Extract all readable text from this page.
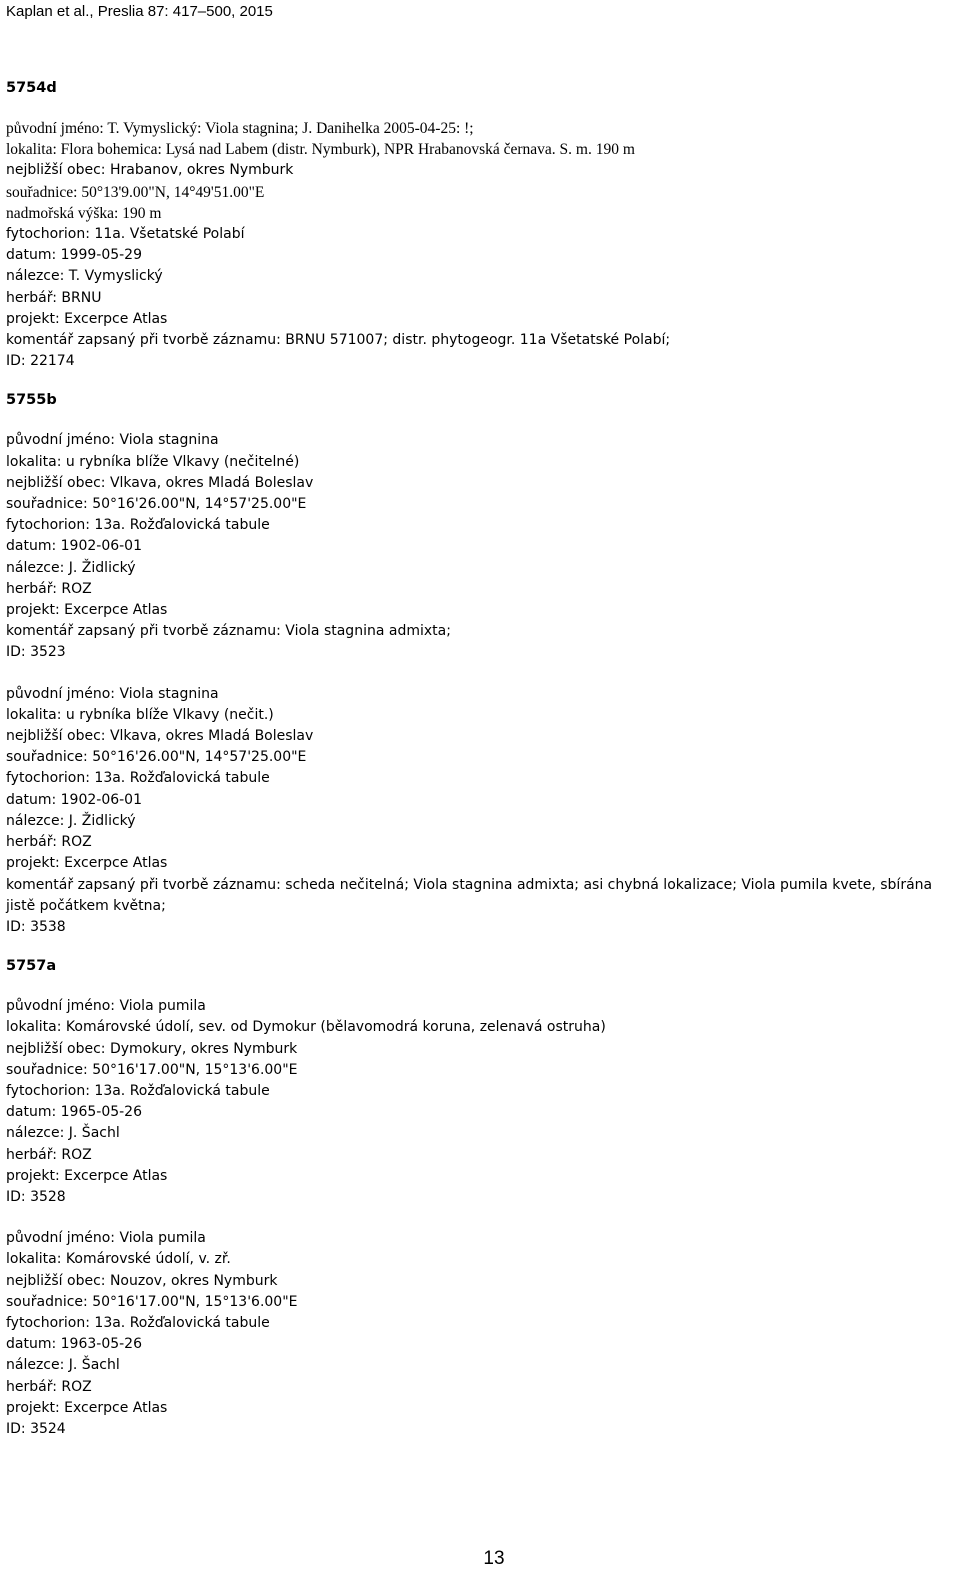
Kaplan et al., Preslia 87: 417–500, 2015
5754d
původní jméno: T. Vymyslický: Viola stagnina; J. Danihelka 2005-04-25: !;
lokalita: Flora bohemica: Lysá nad Labem (distr. Nymburk), NPR Hrabanovská černava. S. m. 190 m
nejbližší obec: Hrabanov, okres Nymburk
souřadnice: 50°13'9.00"N, 14°49'51.00"E
nadmořská výška: 190 m
fytochorion: 11a. Všetatské Polabí
datum: 1999-05-29
nálezce: T. Vymyslický
herbář: BRNU
projekt: Excerpce Atlas
komentář zapsaný při tvorbě záznamu: BRNU 571007; distr. phytogeogr. 11a Všetatské Polabí;
ID: 22174
5755b
původní jméno: Viola stagnina
lokalita: u rybníka blíže Vlkavy (nečitelné)
nejbližší obec: Vlkava, okres Mladá Boleslav
souřadnice: 50°16'26.00"N, 14°57'25.00"E
fytochorion: 13a. Rožďalovická tabule
datum: 1902-06-01
nálezce: J. Židlický
herbář: ROZ
projekt: Excerpce Atlas
komentář zapsaný při tvorbě záznamu: Viola stagnina admixta;
ID: 3523
původní jméno: Viola stagnina
lokalita: u rybníka blíže Vlkavy (nečit.)
nejbližší obec: Vlkava, okres Mladá Boleslav
souřadnice: 50°16'26.00"N, 14°57'25.00"E
fytochorion: 13a. Rožďalovická tabule
datum: 1902-06-01
nálezce: J. Židlický
herbář: ROZ
projekt: Excerpce Atlas
komentář zapsaný při tvorbě záznamu: scheda nečitelná; Viola stagnina admixta; asi chybná lokalizace; Viola pumila kvete, sbírána jistě počátkem květnа;
ID: 3538
5757a
původní jméno: Viola pumila
lokalita: Komárovské údolí, sev. od Dymokur (bělavomodrá koruna, zelenavá ostruha)
nejbližší obec: Dymokury, okres Nymburk
souřadnice: 50°16'17.00"N, 15°13'6.00"E
fytochorion: 13a. Rožďalovická tabule
datum: 1965-05-26
nálezce: J. Šachl
herbář: ROZ
projekt: Excerpce Atlas
ID: 3528
původní jméno: Viola pumila
lokalita: Komárovské údolí, v. zř.
nejbližší obec: Nouzov, okres Nymburk
souřadnice: 50°16'17.00"N, 15°13'6.00"E
fytochorion: 13a. Rožďalovická tabule
datum: 1963-05-26
nálezce: J. Šachl
herbář: ROZ
projekt: Excerpce Atlas
ID: 3524
13
